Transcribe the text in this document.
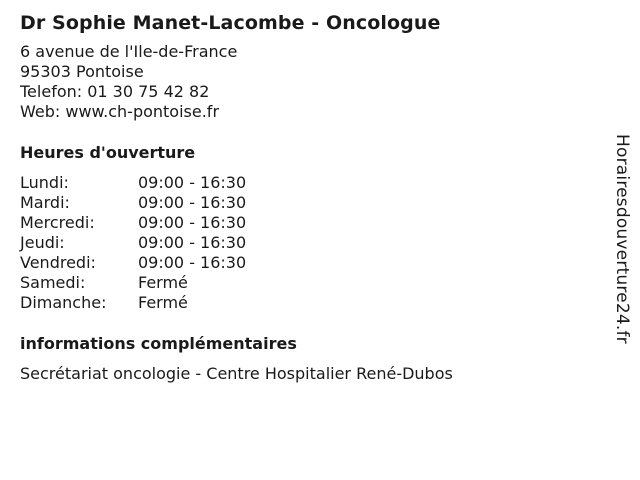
Dr Sophie Manet-Lacombe - Oncologue
6 avenue de l'Ile-de-France
95303 Pontoise
Telefon: 01 30 75 42 82
Web: www.ch-pontoise.fr
Heures d'ouverture
Lundi:	09:00 - 16:30
Mardi:	09:00 - 16:30
Mercredi:	09:00 - 16:30
Jeudi:	09:00 - 16:30
Vendredi:	09:00 - 16:30
Samedi:	Fermé
Dimanche:	Fermé
informations complémentaires
Secrétariat oncologie - Centre Hospitalier René-Dubos
Horairesdouverture24.fr
